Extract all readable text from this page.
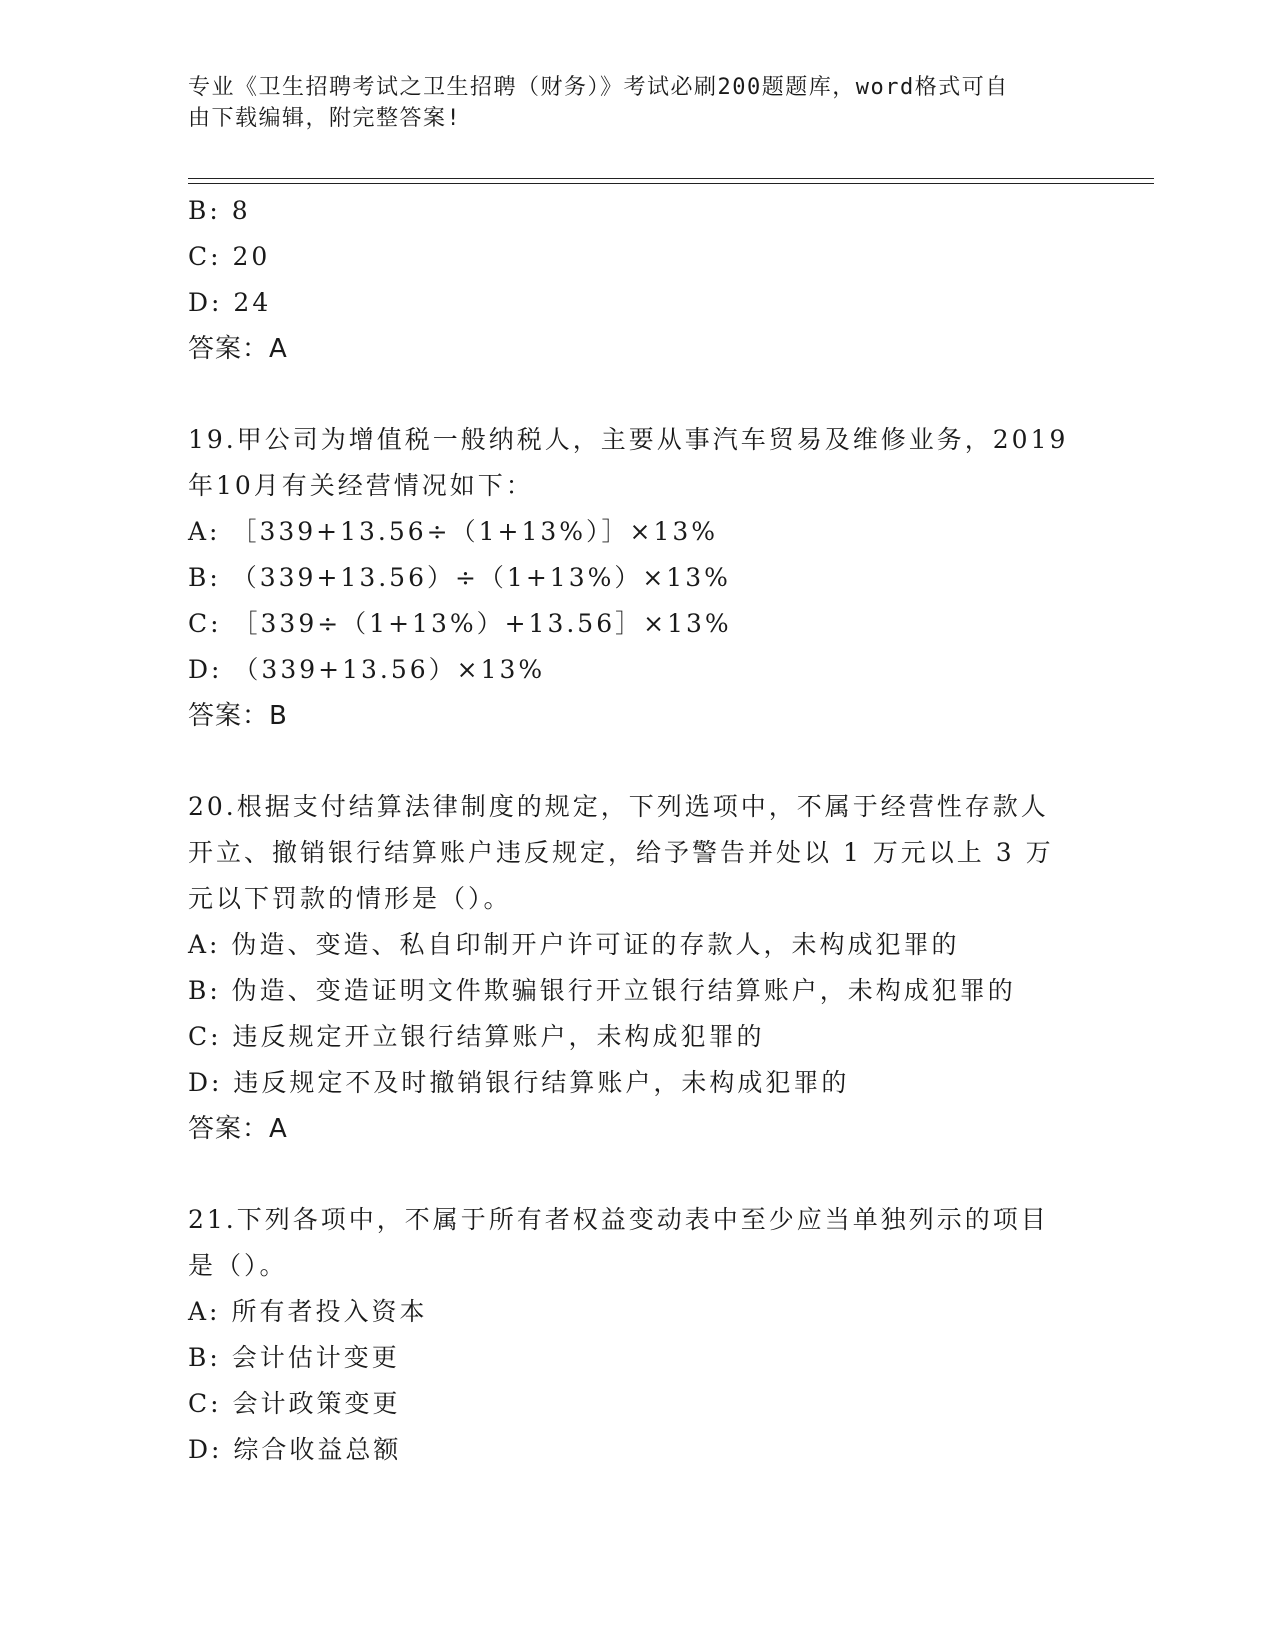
专业《卫生招聘考试之卫生招聘（财务）》考试必刷200题题库，word格式可自
由下载编辑，附完整答案!
B: 8
C: 20
D: 24
答案：A
19.甲公司为增值税一般纳税人，主要从事汽车贸易及维修业务，2019
年10月有关经营情况如下：
A: ［339+13.56÷（1+13%）］×13%
B: （339+13.56）÷（1+13%）×13%
C: ［339÷（1+13%）+13.56］×13%
D: （339+13.56）×13%
答案：B
20.根据支付结算法律制度的规定，下列选项中，不属于经营性存款人
开立、撤销银行结算账户违反规定，给予警告并处以 1 万元以上 3 万
元以下罚款的情形是（）。
A: 伪造、变造、私自印制开户许可证的存款人，未构成犯罪的
B: 伪造、变造证明文件欺骗银行开立银行结算账户，未构成犯罪的
C: 违反规定开立银行结算账户，未构成犯罪的
D: 违反规定不及时撤销银行结算账户，未构成犯罪的
答案：A
21.下列各项中，不属于所有者权益变动表中至少应当单独列示的项目
是（）。
A: 所有者投入资本
B: 会计估计变更
C: 会计政策变更
D: 综合收益总额
